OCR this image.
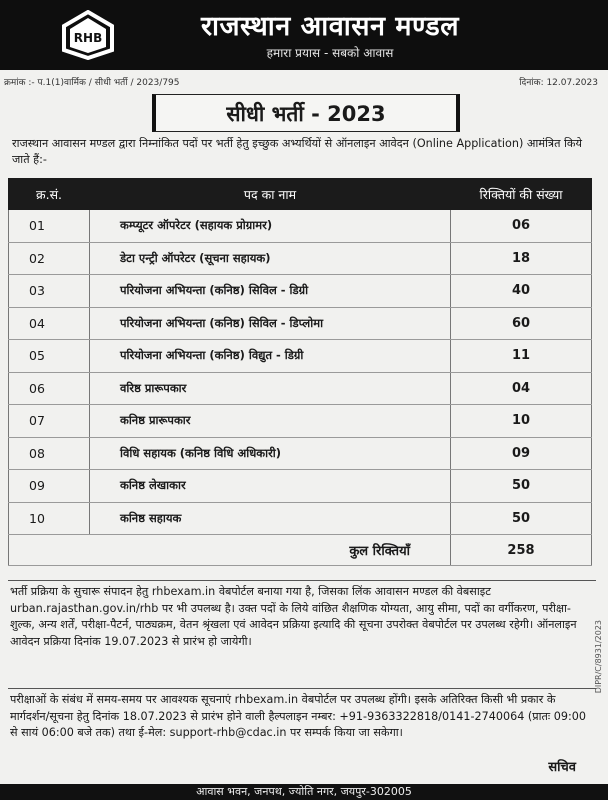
RHB	राजस्थान आवासन मण्डल
हमारा प्रयास - सबको आवास
क्रमांक :- प.1(1)वार्मिक / सीधी भर्ती / 2023/795	दिनांक: 12.07.2023
सीधी भर्ती - 2023
राजस्थान आवासन मण्डल द्वारा निम्नांकित पदों पर भर्ती हेतु इच्छुक अभ्यर्थियों से ऑनलाइन आवेदन (Online Application) आमंत्रित किये जाते हैं:-
क्र.सं.	पद का नाम	रिक्तियों की संख्या
01	कम्प्यूटर ऑपरेटर (सहायक प्रोग्रामर)	06
02	डेटा एन्ट्री ऑपरेटर (सूचना सहायक)	18
03	परियोजना अभियन्ता (कनिष्ठ) सिविल - डिग्री	40
04	परियोजना अभियन्ता (कनिष्ठ) सिविल - डिप्लोमा	60
05	परियोजना अभियन्ता (कनिष्ठ) विद्युत - डिग्री	11
06	वरिष्ठ प्रारूपकार	04
07	कनिष्ठ प्रारूपकार	10
08	विधि सहायक (कनिष्ठ विधि अधिकारी)	09
09	कनिष्ठ लेखाकार	50
10	कनिष्ठ सहायक	50
कुल रिक्तियाँ		258
भर्ती प्रक्रिया के सुचारू संपादन हेतु rhbexam.in वेबपोर्टल बनाया गया है, जिसका लिंक आवासन मण्डल की वेबसाइट urban.rajasthan.gov.in/rhb पर भी उपलब्ध है। उक्त पदों के लिये वांछित शैक्षणिक योग्यता, आयु सीमा, पदों का वर्गीकरण, परीक्षा-शुल्क, अन्य शर्तें, परीक्षा-पैटर्न, पाठ्यक्रम, वेतन श्रृंखला एवं आवेदन प्रक्रिया इत्यादि की सूचना उपरोक्त वेबपोर्टल पर उपलब्ध रहेगी। ऑनलाइन आवेदन प्रक्रिया दिनांक 19.07.2023 से प्रारंभ हो जायेगी।
परीक्षाओं के संबंध में समय-समय पर आवश्यक सूचनाएं rhbexam.in वेबपोर्टल पर उपलब्ध होंगी। इसके अतिरिक्त किसी भी प्रकार के मार्गदर्शन/सूचना हेतु दिनांक 18.07.2023 से प्रारंभ होने वाली हैल्पलाइन नम्बर: +91-9363322818/0141-2740064 (प्रातः 09:00 से सायं 06:00 बजे तक) तथा ई-मेल: support-rhb@cdac.in पर सम्पर्क किया जा सकेगा।
सचिव
DIPR/C/8931/2023
आवास भवन, जनपथ, ज्योति नगर, जयपुर-302005
